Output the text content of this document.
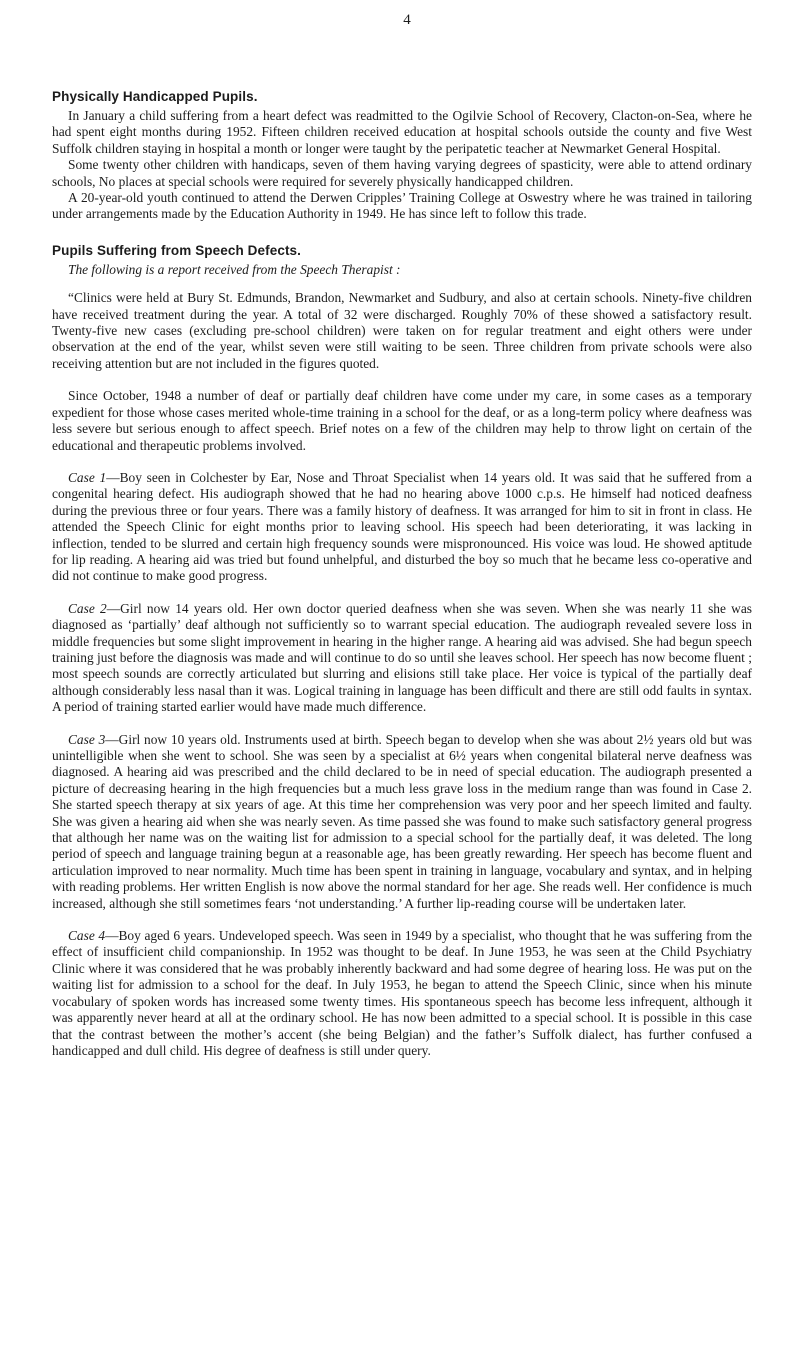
4
Physically Handicapped Pupils.

In January a child suffering from a heart defect was readmitted to the Ogilvie School of Recovery, Clacton-on-Sea, where he had spent eight months during 1952. Fifteen children received education at hospital schools outside the county and five West Suffolk children staying in hospital a month or longer were taught by the peripatetic teacher at Newmarket General Hospital.

Some twenty other children with handicaps, seven of them having varying degrees of spasticity, were able to attend ordinary schools, No places at special schools were required for severely physically handicapped children.

A 20-year-old youth continued to attend the Derwen Cripples’ Training College at Oswestry where he was trained in tailoring under arrangements made by the Education Authority in 1949. He has since left to follow this trade.

Pupils Suffering from Speech Defects.

The following is a report received from the Speech Therapist :

“Clinics were held at Bury St. Edmunds, Brandon, Newmarket and Sudbury, and also at certain schools. Ninety-five children have received treatment during the year. A total of 32 were discharged. Roughly 70% of these showed a satisfactory result. Twenty-five new cases (excluding pre-school children) were taken on for regular treatment and eight others were under observation at the end of the year, whilst seven were still waiting to be seen. Three children from private schools were also receiving attention but are not included in the figures quoted.

Since October, 1948 a number of deaf or partially deaf children have come under my care, in some cases as a temporary expedient for those whose cases merited whole-time training in a school for the deaf, or as a long-term policy where deafness was less severe but serious enough to affect speech. Brief notes on a few of the children may help to throw light on certain of the educational and therapeutic problems involved.

Case 1—Boy seen in Colchester by Ear, Nose and Throat Specialist when 14 years old. It was said that he suffered from a congenital hearing defect. His audiograph showed that he had no hearing above 1000 c.p.s. He himself had noticed deafness during the previous three or four years. There was a family history of deafness. It was arranged for him to sit in front in class. He attended the Speech Clinic for eight months prior to leaving school. His speech had been deteriorating, it was lacking in inflection, tended to be slurred and certain high frequency sounds were mispronounced. His voice was loud. He showed aptitude for lip reading. A hearing aid was tried but found unhelpful, and disturbed the boy so much that he became less co-operative and did not continue to make good progress.

Case 2—Girl now 14 years old. Her own doctor queried deafness when she was seven. When she was nearly 11 she was diagnosed as ‘partially’ deaf although not sufficiently so to warrant special education. The audiograph revealed severe loss in middle frequencies but some slight improvement in hearing in the higher range. A hearing aid was advised. She had begun speech training just before the diagnosis was made and will continue to do so until she leaves school. Her speech has now become fluent ; most speech sounds are correctly articulated but slurring and elisions still take place. Her voice is typical of the partially deaf although considerably less nasal than it was. Logical training in language has been difficult and there are still odd faults in syntax. A period of training started earlier would have made much difference.

Case 3—Girl now 10 years old. Instruments used at birth. Speech began to develop when she was about 2½ years old but was unintelligible when she went to school. She was seen by a specialist at 6½ years when congenital bilateral nerve deafness was diagnosed. A hearing aid was prescribed and the child declared to be in need of special education. The audiograph presented a picture of decreasing hearing in the high frequencies but a much less grave loss in the medium range than was found in Case 2. She started speech therapy at six years of age. At this time her comprehension was very poor and her speech limited and faulty. She was given a hearing aid when she was nearly seven. As time passed she was found to make such satisfactory general progress that although her name was on the waiting list for admission to a special school for the partially deaf, it was deleted. The long period of speech and language training begun at a reasonable age, has been greatly rewarding. Her speech has become fluent and articulation improved to near normality. Much time has been spent in training in language, vocabulary and syntax, and in helping with reading problems. Her written English is now above the normal standard for her age. She reads well. Her confidence is much increased, although she still sometimes fears ‘not understanding.’ A further lip-reading course will be undertaken later.

Case 4—Boy aged 6 years. Undeveloped speech. Was seen in 1949 by a specialist, who thought that he was suffering from the effect of insufficient child companionship. In 1952 was thought to be deaf. In June 1953, he was seen at the Child Psychiatry Clinic where it was considered that he was probably inherently backward and had some degree of hearing loss. He was put on the waiting list for admission to a school for the deaf. In July 1953, he began to attend the Speech Clinic, since when his minute vocabulary of spoken words has increased some twenty times. His spontaneous speech has become less infrequent, although it was apparently never heard at all at the ordinary school. He has now been admitted to a special school. It is possible in this case that the contrast between the mother’s accent (she being Belgian) and the father’s Suffolk dialect, has further confused a handicapped and dull child. His degree of deafness is still under query.
